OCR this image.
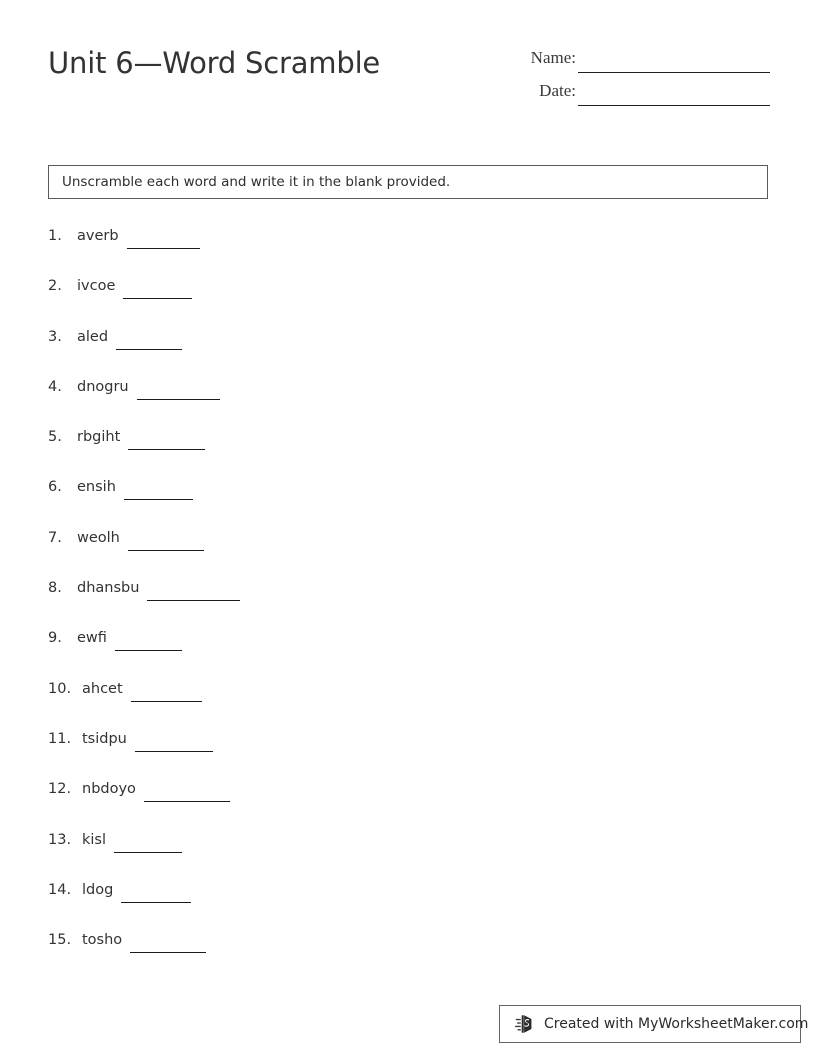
Unit 6—Word Scramble	Name:
Date:
Unscramble each word and write it in the blank provided.
1.	averb
2.	ivcoe
3.	aled
4.	dnogru
5.	rbgiht
6.	ensih
7.	weolh
8.	dhansbu
9.	ewfi
10. ahcet
11. tsidpu
12. nbdoyo
13. kisl
14. ldog
15. tosho
Created with MyWorksheetMaker.com
